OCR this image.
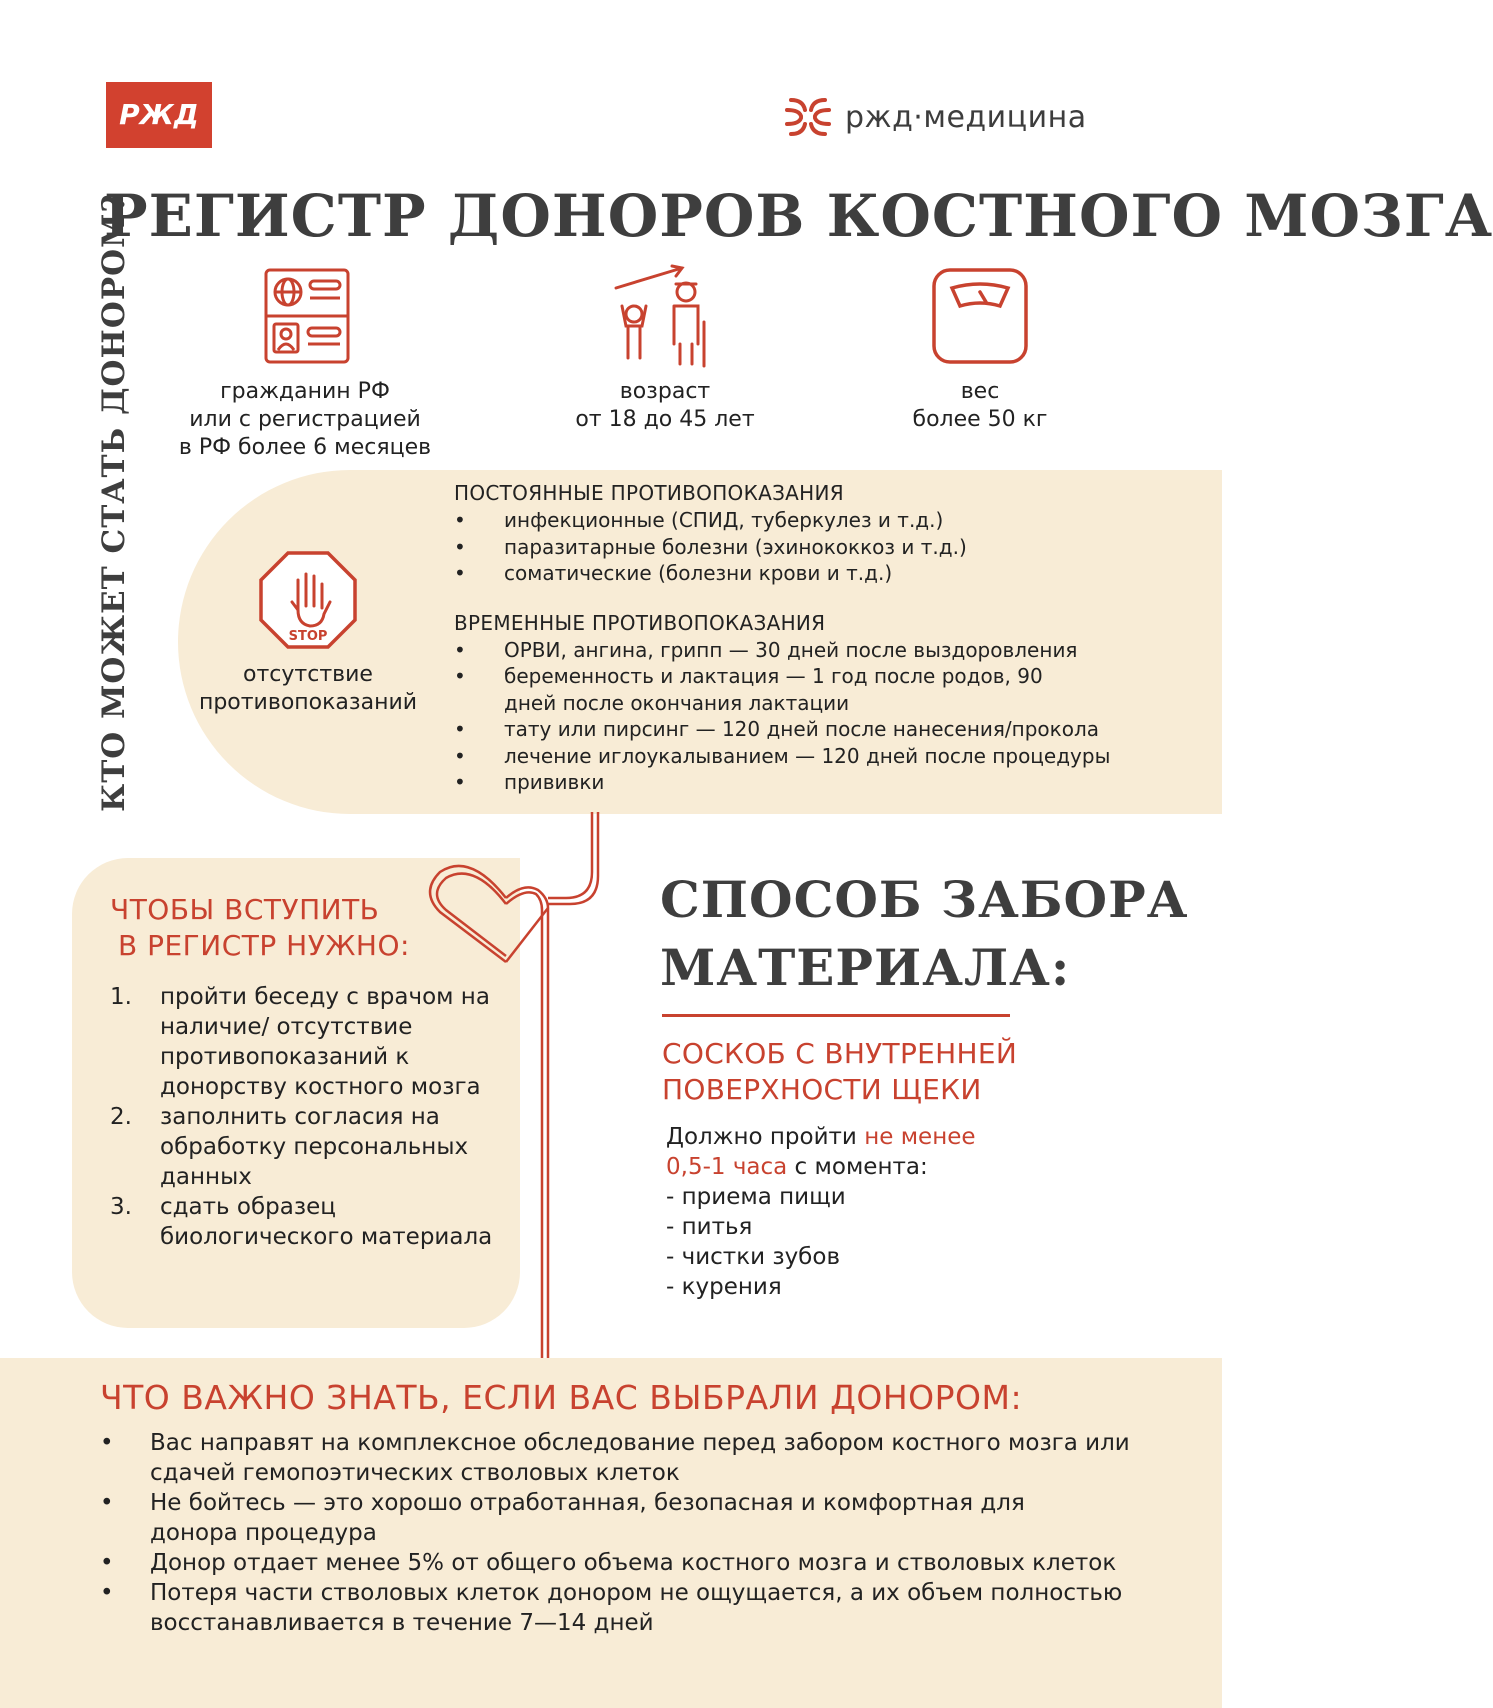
РЖД	ржд·медицина
РЕГИСТР ДОНОРОВ КОСТНОГО МОЗГА
КТО МОЖЕТ СТАТЬ ДОНОРОМ?	гражданин РФ
или с регистрацией
в РФ более 6 месяцев
возраст
от 18 до 45 лет
вес
более 50 кг
STOP
отсутствие
противопоказаний
ПОСТОЯННЫЕ ПРОТИВОПОКАЗАНИЯ
• инфекционные (СПИД, туберкулез и т.д.)
• паразитарные болезни (эхинококкоз и т.д.)
• соматические (болезни крови и т.д.)
ВРЕМЕННЫЕ ПРОТИВОПОКАЗАНИЯ
• ОРВИ, ангина, грипп — 30 дней после выздоровления
• беременность и лактация — 1 год после родов, 90 дней после окончания лактации
• тату или пирсинг — 120 дней после нанесения/прокола
• лечение иглоукалыванием — 120 дней после процедуры
• прививки
ЧТОБЫ ВСТУПИТЬ
В РЕГИСТР НУЖНО:
1. пройти беседу с врачом на наличие/ отсутствие противопоказаний к донорству костного мозга
2. заполнить согласия на обработку персональных данных
3. сдать образец биологического материала
СПОСОБ ЗАБОРА
МАТЕРИАЛА:
СОСКОБ С ВНУТРЕННЕЙ
ПОВЕРХНОСТИ ЩЕКИ
Должно пройти не менее
0,5-1 часа с момента:
- приема пищи
- питья
- чистки зубов
- курения
ЧТО ВАЖНО ЗНАТЬ, ЕСЛИ ВАС ВЫБРАЛИ ДОНОРОМ:
• Вас направят на комплексное обследование перед забором костного мозга или сдачей гемопоэтических стволовых клеток
• Не бойтесь — это хорошо отработанная, безопасная и комфортная для донора процедура
• Донор отдает менее 5% от общего объема костного мозга и стволовых клеток
• Потеря части стволовых клеток донором не ощущается, а их объем полностью восстанавливается в течение 7—14 дней
